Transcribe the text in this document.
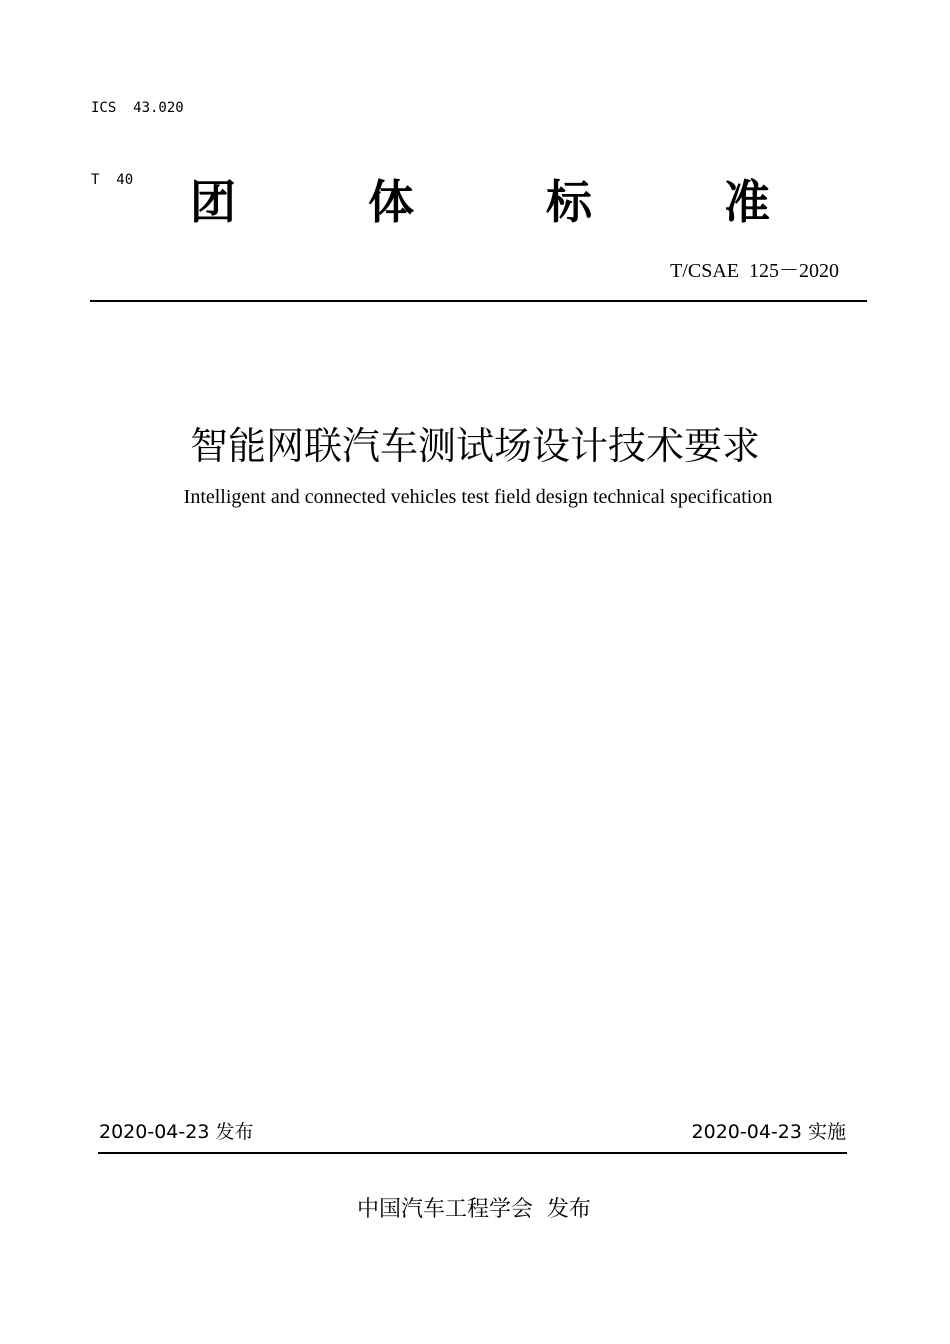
ICS  43.020

T  40	团	体	标	准
T/CSAE  125－2020
智能网联汽车测试场设计技术要求
Intelligent and connected vehicles test field design technical specification
2020-04-23 发布	2020-04-23 实施
中国汽车工程学会  发布
